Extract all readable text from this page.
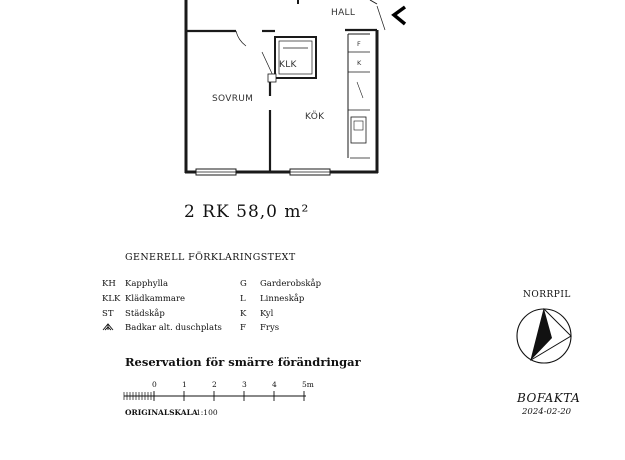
HALL
KLK
SOVRUM
KÖK
F
K
2 RK 58,0 m²
GENERELL FÖRKLARINGSTEXT
KH Kapphylla
KLK Klädkammare
ST Städskåp
Badkar alt. duschplats
G Garderobskåp
L Linneskåp
K Kyl
F Frys
Reservation för smärre förändringar
0	1	2	3	4	5m
ORIGINALSKALA
1:100
NORRPIL
BOFAKTA
2024-02-20
